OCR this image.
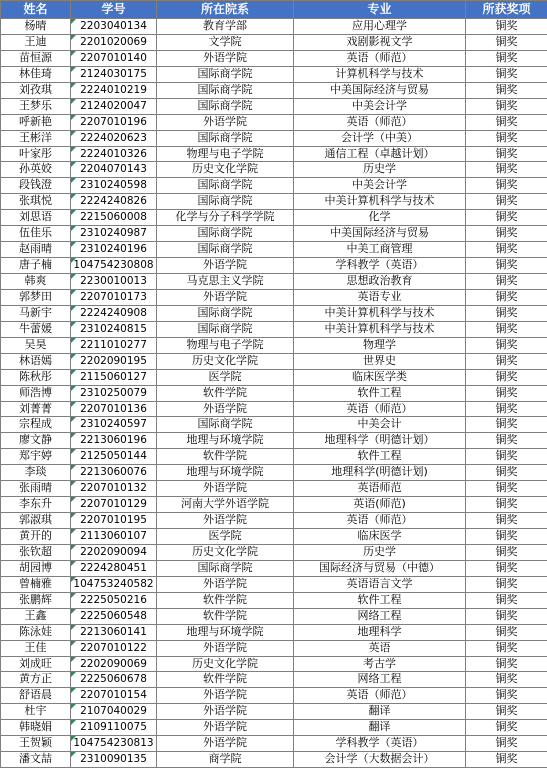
姓名	学号	所在院系	专业	所获奖项
杨晴	2203040134	教育学部	应用心理学	铜奖
王迪	2201020069	文学院	戏剧影视文学	铜奖
苗恒源	2207010140	外语学院	英语（师范）	铜奖
林佳琦	2124030175	国际商学院	计算机科学与技术	铜奖
刘孜琪	2224010219	国际商学院	中美国际经济与贸易	铜奖
王梦乐	2124020047	国际商学院	中美会计学	铜奖
呼新艳	2207010196	外语学院	英语（师范）	铜奖
王彬洋	2224020623	国际商学院	会计学（中美）	铜奖
叶家彤	2224010326	物理与电子学院	通信工程（卓越计划）	铜奖
孙英姣	2204070143	历史文化学院	历史学	铜奖
段钱澄	2310240598	国际商学院	中美会计学	铜奖
张琪悦	2224240826	国际商学院	中美计算机科学与技术	铜奖
刘思语	2215060008	化学与分子科学学院	化学	铜奖
伍佳乐	2310240987	国际商学院	中美国际经济与贸易	铜奖
赵雨晴	2310240196	国际商学院	中美工商管理	铜奖
唐子楠	104754230808	外语学院	学科教学（英语）	铜奖
韩爽	2230010013	马克思主义学院	思想政治教育	铜奖
郭梦田	2207010173	外语学院	英语专业	铜奖
马新宇	2224240908	国际商学院	中美计算机科学与技术	铜奖
牛蕾媛	2310240815	国际商学院	中美计算机科学与技术	铜奖
吴昊	2211010277	物理与电子学院	物理学	铜奖
林语嫣	2202090195	历史文化学院	世界史	铜奖
陈秋彤	2115060127	医学院	临床医学类	铜奖
师浩博	2310250079	软件学院	软件工程	铜奖
刘菁菁	2207010136	外语学院	英语（师范）	铜奖
宗程成	2310240597	国际商学院	中美会计	铜奖
廖文静	2213060196	地理与环境学院	地理科学（明德计划）	铜奖
郑宇婷	2125050144	软件学院	软件工程	铜奖
李琰	2213060076	地理与环境学院	地理科学(明德计划)	铜奖
张雨晴	2207010132	外语学院	英语师范	铜奖
李东升	2207010129	河南大学外语学院	英语(师范)	铜奖
郭淑琪	2207010195	外语学院	英语（师范）	铜奖
黄开的	2113060107	医学院	临床医学	铜奖
张钦超	2202090094	历史文化学院	历史学	铜奖
胡园博	2224280451	国际商学院	国际经济与贸易（中德）	铜奖
曾楠雅	104753240582	外语学院	英语语言文学	铜奖
张鹏辉	2225050216	软件学院	软件工程	铜奖
王鑫	2225060548	软件学院	网络工程	铜奖
陈泳娃	2213060141	地理与环境学院	地理科学	铜奖
王佳	2207010122	外语学院	英语	铜奖
刘成旺	2202090069	历史文化学院	考古学	铜奖
黄方正	2225060678	软件学院	网络工程	铜奖
舒语晨	2207010154	外语学院	英语（师范）	铜奖
杜宇	2107040029	外语学院	翻译	铜奖
韩晓娟	2109110075	外语学院	翻译	铜奖
王贺颖	104754230813	外语学院	学科教学（英语）	铜奖
潘文喆	2310090135	商学院	会计学（大数据会计）	铜奖
